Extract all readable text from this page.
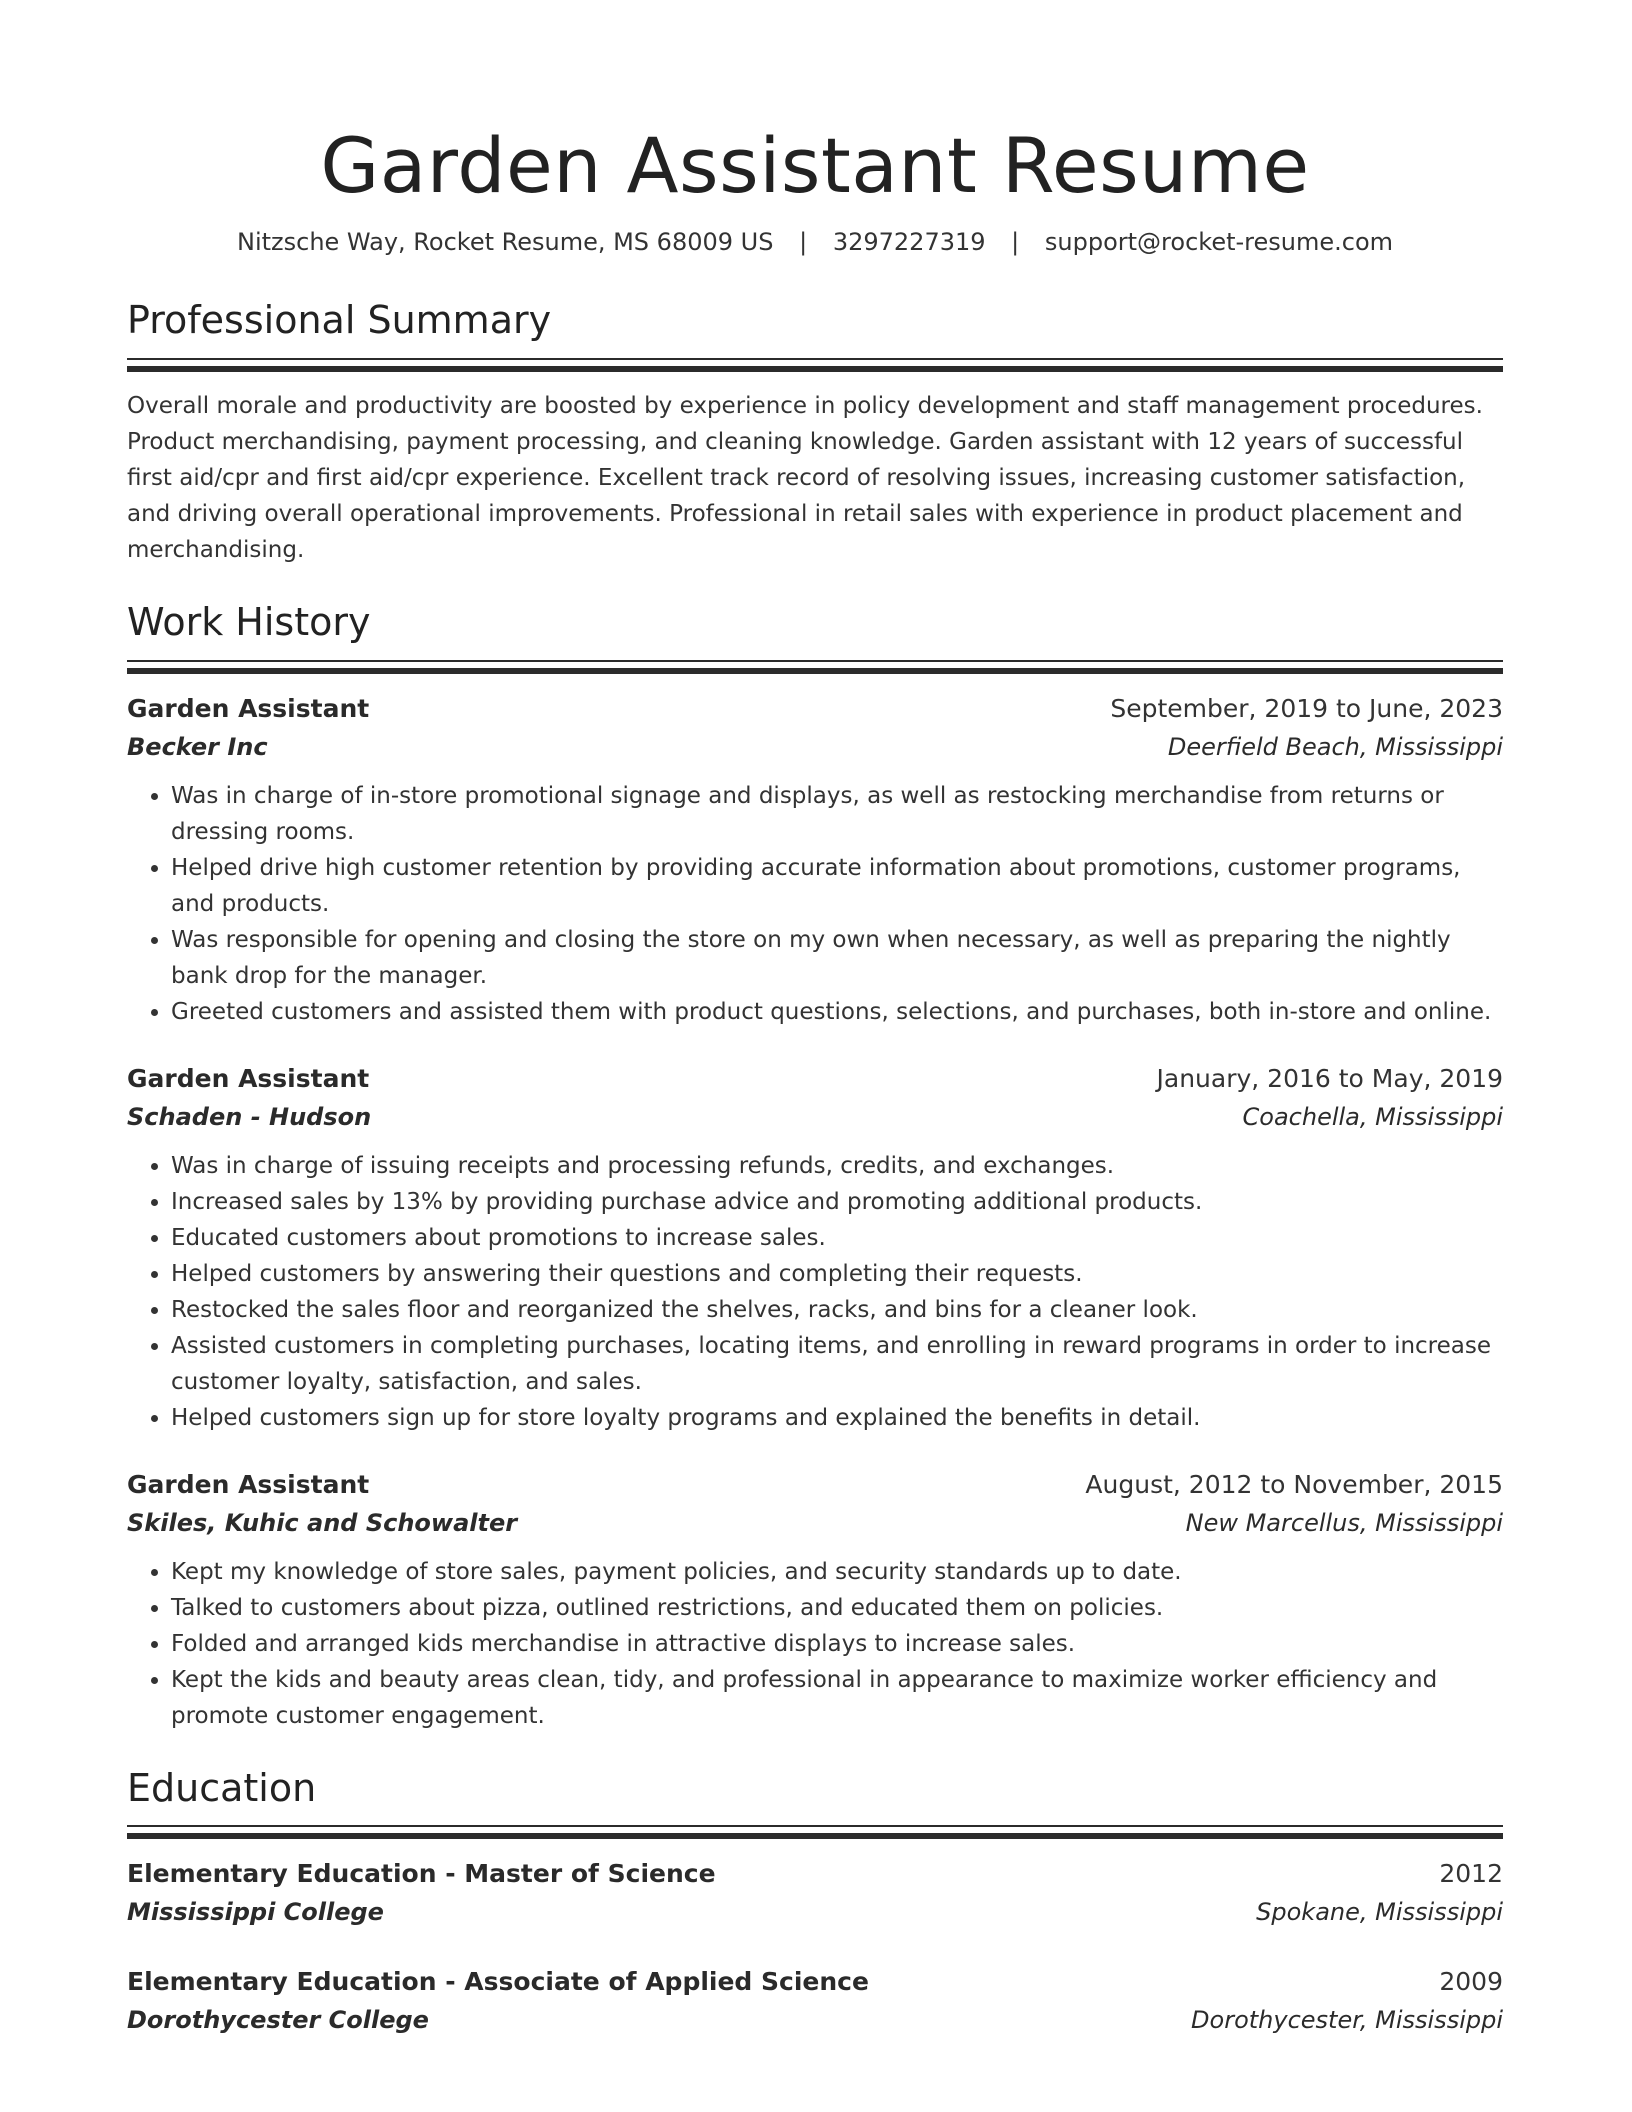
Garden Assistant Resume
Nitzsche Way, Rocket Resume, MS 68009 US | 3297227319 | support@rocket-resume.com
Professional Summary
Overall morale and productivity are boosted by experience in policy development and staff management procedures. Product merchandising, payment processing, and cleaning knowledge. Garden assistant with 12 years of successful first aid/cpr and first aid/cpr experience. Excellent track record of resolving issues, increasing customer satisfaction, and driving overall operational improvements. Professional in retail sales with experience in product placement and merchandising.
Work History
Garden Assistant	September, 2019 to June, 2023
Becker Inc	Deerfield Beach, Mississippi
• Was in charge of in-store promotional signage and displays, as well as restocking merchandise from returns or dressing rooms.
• Helped drive high customer retention by providing accurate information about promotions, customer programs, and products.
• Was responsible for opening and closing the store on my own when necessary, as well as preparing the nightly bank drop for the manager.
• Greeted customers and assisted them with product questions, selections, and purchases, both in-store and online.
Garden Assistant	January, 2016 to May, 2019
Schaden - Hudson	Coachella, Mississippi
• Was in charge of issuing receipts and processing refunds, credits, and exchanges.
• Increased sales by 13% by providing purchase advice and promoting additional products.
• Educated customers about promotions to increase sales.
• Helped customers by answering their questions and completing their requests.
• Restocked the sales floor and reorganized the shelves, racks, and bins for a cleaner look.
• Assisted customers in completing purchases, locating items, and enrolling in reward programs in order to increase customer loyalty, satisfaction, and sales.
• Helped customers sign up for store loyalty programs and explained the benefits in detail.
Garden Assistant	August, 2012 to November, 2015
Skiles, Kuhic and Schowalter	New Marcellus, Mississippi
• Kept my knowledge of store sales, payment policies, and security standards up to date.
• Talked to customers about pizza, outlined restrictions, and educated them on policies.
• Folded and arranged kids merchandise in attractive displays to increase sales.
• Kept the kids and beauty areas clean, tidy, and professional in appearance to maximize worker efficiency and promote customer engagement.
Education
Elementary Education - Master of Science	2012
Mississippi College	Spokane, Mississippi
Elementary Education - Associate of Applied Science	2009
Dorothycester College	Dorothycester, Mississippi
